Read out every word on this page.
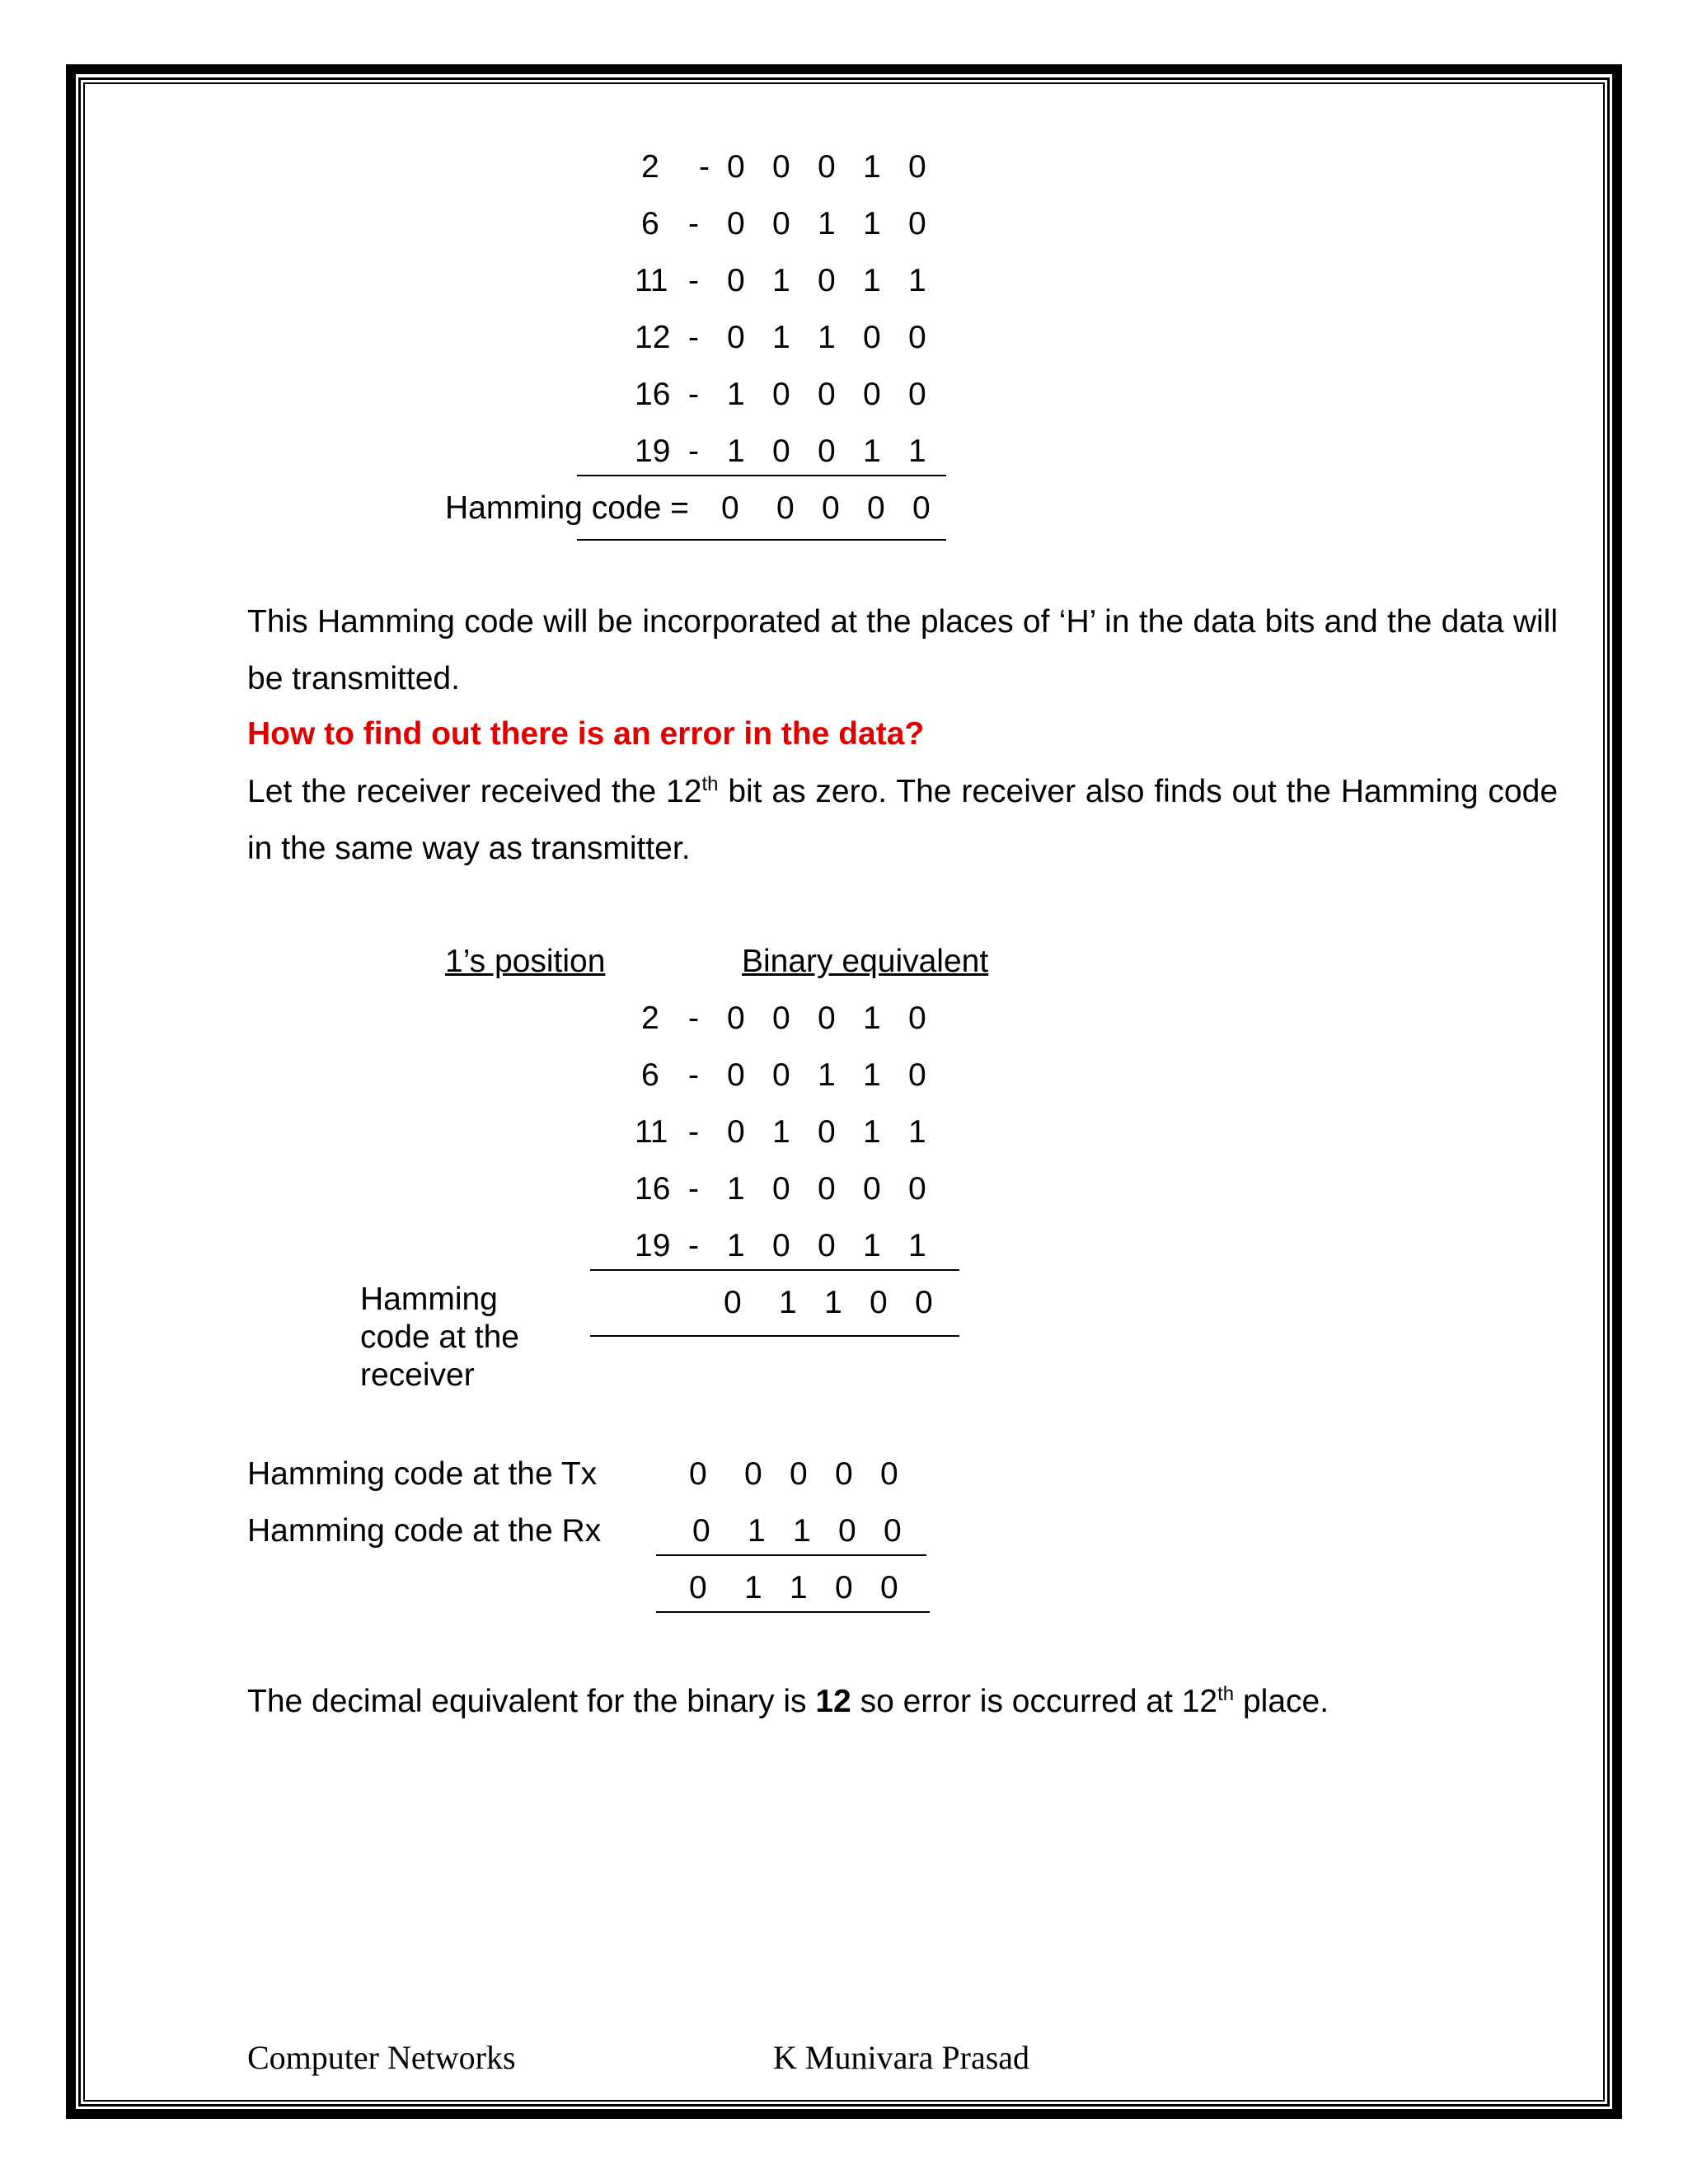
2 - 0 0 0 1 0
6 - 0 0 1 1 0
11 - 0 1 0 1 1
12 - 0 1 1 0 0
16 - 1 0 0 0 0
19 - 1 0 0 1 1
Hamming code = 0 0 0 0 0
This Hamming code will be incorporated at the places of ‘H’ in the data bits and the data will be transmitted.
How to find out there is an error in the data?
Let the receiver received the 12th bit as zero. The receiver also finds out the Hamming code in the same way as transmitter.
1’s position	Binary equivalent
2 - 0 0 0 1 0
6 - 0 0 1 1 0
11 - 0 1 0 1 1
16 - 1 0 0 0 0
19 - 1 0 0 1 1
Hamming
code at the
receiver
0 1 1 0 0
Hamming code at the Tx	0 0 0 0 0
Hamming code at the Rx	0 1 1 0 0
0 1 1 0 0
The decimal equivalent for the binary is 12 so error is occurred at 12th place.
Computer Networks	K Munivara Prasad
